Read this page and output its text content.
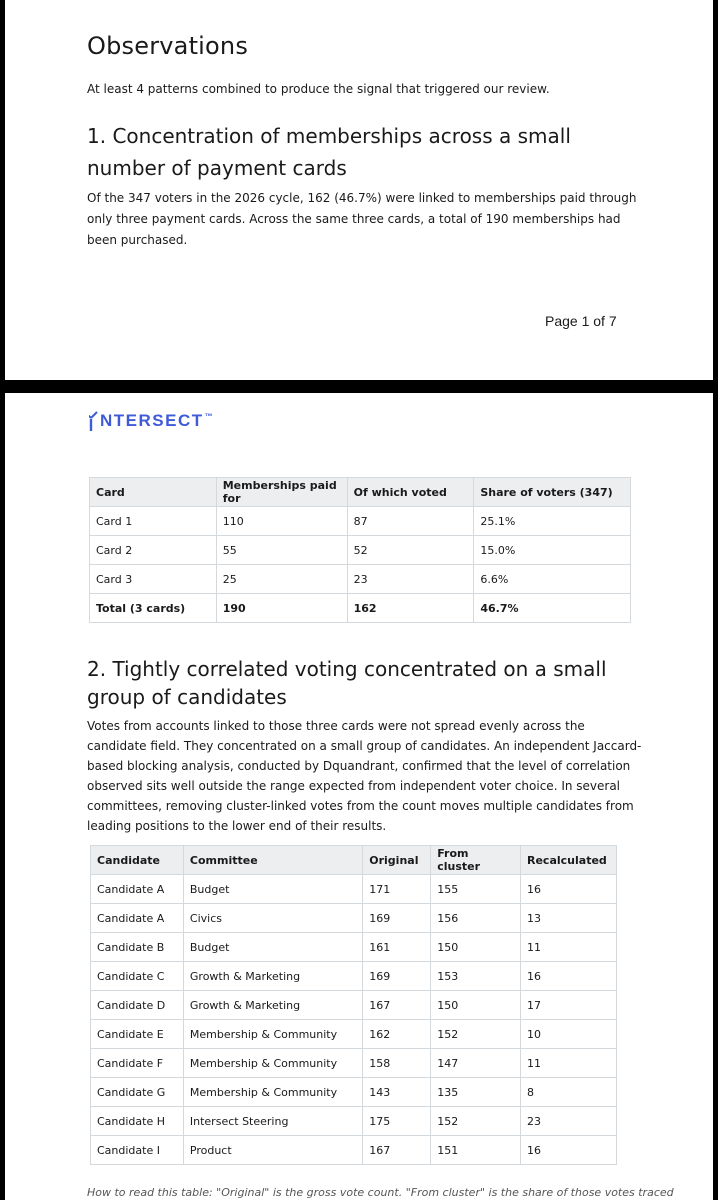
Observations

At least 4 patterns combined to produce the signal that triggered our review.

1. Concentration of memberships across a small number of payment cards

Of the 347 voters in the 2026 cycle, 162 (46.7%) were linked to memberships paid through only three payment cards. Across the same three cards, a total of 190 memberships had been purchased.

Page 1 of 7
NTERSECT ™
Card	Memberships paid for	Of which voted	Share of voters (347)
Card 1	110	87	25.1%
Card 2	55	52	15.0%
Card 3	25	23	6.6%
Total (3 cards)	190	162	46.7%
2. Tightly correlated voting concentrated on a small group of candidates

Votes from accounts linked to those three cards were not spread evenly across the candidate field. They concentrated on a small group of candidates. An independent Jaccard-based blocking analysis, conducted by Dquandrant, confirmed that the level of correlation observed sits well outside the range expected from independent voter choice. In several committees, removing cluster-linked votes from the count moves multiple candidates from leading positions to the lower end of their results.

Candidate	Committee	Original	From cluster	Recalculated
Candidate A	Budget	171	155	16
Candidate A	Civics	169	156	13
Candidate B	Budget	161	150	11
Candidate C	Growth & Marketing	169	153	16
Candidate D	Growth & Marketing	167	150	17
Candidate E	Membership & Community	162	152	10
Candidate F	Membership & Community	158	147	11
Candidate G	Membership & Community	143	135	8
Candidate H	Intersect Steering	175	152	23
Candidate I	Product	167	151	16
How to read this table: "Original" is the gross vote count. "From cluster" is the share of those votes traced
